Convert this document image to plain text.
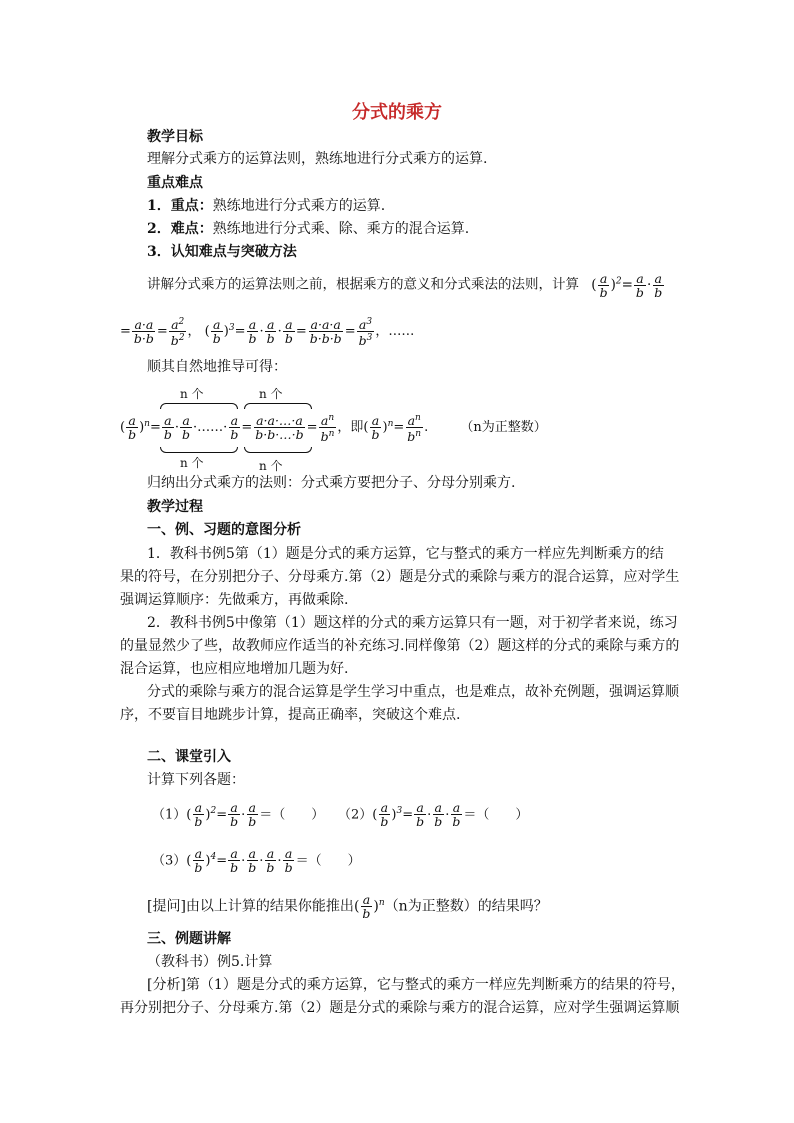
分式的乘方
教学目标
理解分式乘方的运算法则，熟练地进行分式乘方的运算.
重点难点
1．重点：熟练地进行分式乘方的运算.
2．难点：熟练地进行分式乘、除、乘方的混合运算.
3．认知难点与突破方法
讲解分式乘方的运算法则之前，根据乘方的意义和分式乘法的法则，计算 ( $\frac{a}{b} )^2= \frac{a}{b} \cdot \frac{a}{b}$
= $\frac{a\cdot a}{b\cdot b} = \frac{a^2}{b^2}$ ， ( $\frac{a}{b} )^3= \frac{a}{b} \cdot \frac{a}{b} \cdot \frac{a}{b} = \frac{a\cdot a\cdot a}{b\cdot b\cdot b} = \frac{a^3}{b^3}$ ，……
顺其自然地推导可得：
n 个	n 个
( $\frac{a}{b} )^n= \frac{a}{b} \cdot \frac{a}{b}$ ·……· $\frac{a}{b} = \frac{a\cdot a\cdot\dots\cdot a}{b\cdot b\cdot\dots\cdot b} = \frac{a^n}{b^n}$ ，即( $\frac{a}{b} )^n= \frac{a^n}{b^n}$ . （n为正整数）
n 个	n 个
归纳出分式乘方的法则：分式乘方要把分子、分母分别乘方.
教学过程
一、例、习题的意图分析
1．教科书例5第（1）题是分式的乘方运算，它与整式的乘方一样应先判断乘方的结
果的符号，在分别把分子、分母乘方.第（2）题是分式的乘除与乘方的混合运算，应对学生
强调运算顺序：先做乘方，再做乘除.
2．教科书例5中像第（1）题这样的分式的乘方运算只有一题，对于初学者来说，练习
的量显然少了些，故教师应作适当的补充练习.同样像第（2）题这样的分式的乘除与乘方的
混合运算，也应相应地增加几题为好.
分式的乘除与乘方的混合运算是学生学习中重点，也是难点，故补充例题，强调运算顺
序，不要盲目地跳步计算，提高正确率，突破这个难点.
二、课堂引入
计算下列各题：
$(1)( \frac{a}{b} )^2= \frac{a}{b} \cdot \frac{a}{b}$ ＝（　　） $(2)( \frac{a}{b} )^3= \frac{a}{b} \cdot \frac{a}{b} \cdot \frac{a}{b}$ ＝（　　）
$(3)( \frac{a}{b} )^4= \frac{a}{b} \cdot \frac{a}{b} \cdot \frac{a}{b} \cdot \frac{a}{b}$ ＝（　　）
[提问]由以上计算的结果你能推出( $\frac{a}{b} )^n(n$为正整数）的结果吗？
三、例题讲解
（教科书）例5.计算
[分析]第（1）题是分式的乘方运算，它与整式的乘方一样应先判断乘方的结果的符号，
再分别把分子、分母乘方.第（2）题是分式的乘除与乘方的混合运算，应对学生强调运算顺
